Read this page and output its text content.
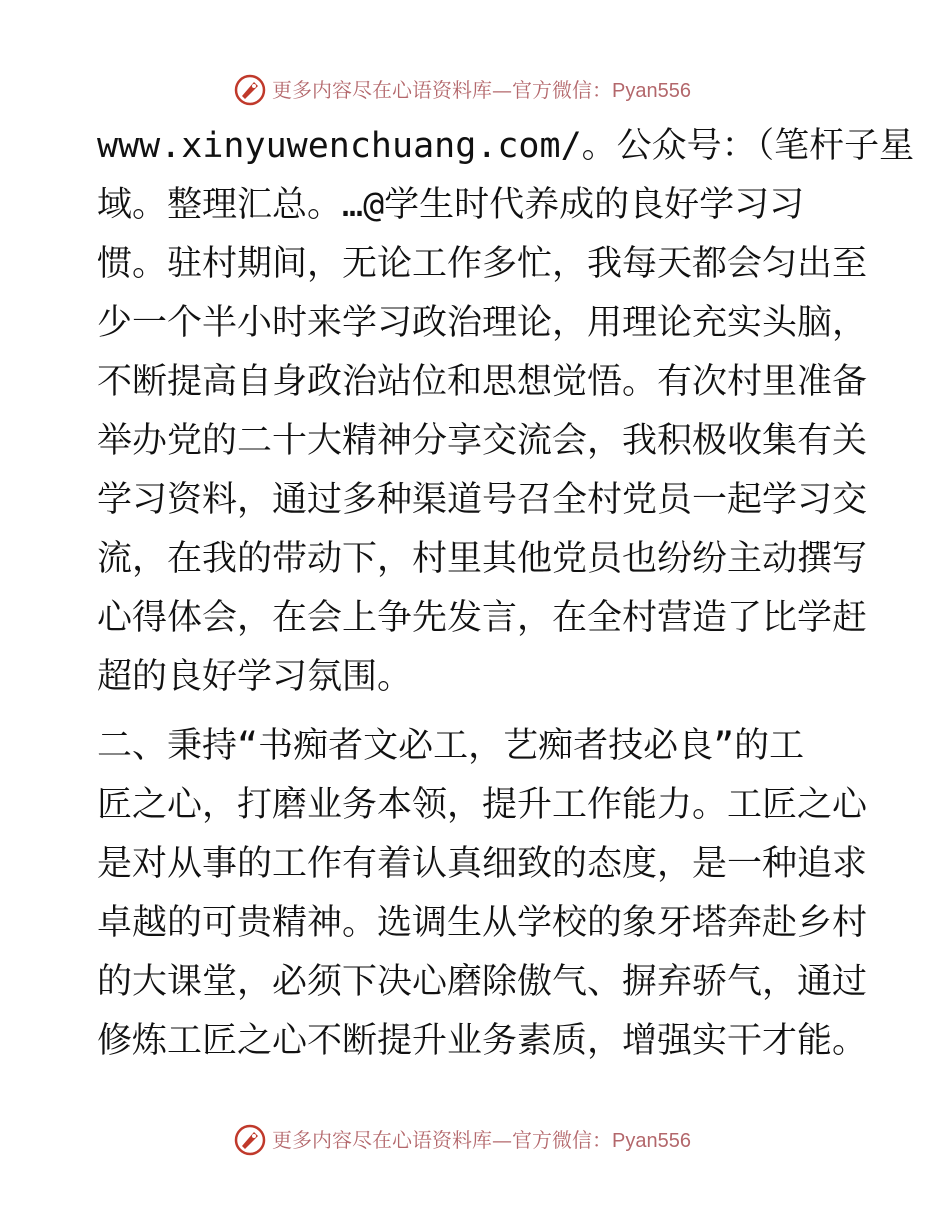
更多内容尽在心语资料库—官方微信：Pyan556
www.xinyuwenchuang.com/。公众号：（笔杆子星
域。整理汇总。…@学生时代养成的良好学习习
惯。驻村期间，无论工作多忙，我每天都会匀出至
少一个半小时来学习政治理论，用理论充实头脑，
不断提高自身政治站位和思想觉悟。有次村里准备
举办党的二十大精神分享交流会，我积极收集有关
学习资料，通过多种渠道号召全村党员一起学习交
流，在我的带动下，村里其他党员也纷纷主动撰写
心得体会，在会上争先发言，在全村营造了比学赶
超的良好学习氛围。
二、秉持“书痴者文必工，艺痴者技必良”的工
匠之心，打磨业务本领，提升工作能力。工匠之心
是对从事的工作有着认真细致的态度，是一种追求
卓越的可贵精神。选调生从学校的象牙塔奔赴乡村
的大课堂，必须下决心磨除傲气、摒弃骄气，通过
修炼工匠之心不断提升业务素质，增强实干才能。
更多内容尽在心语资料库—官方微信：Pyan556
